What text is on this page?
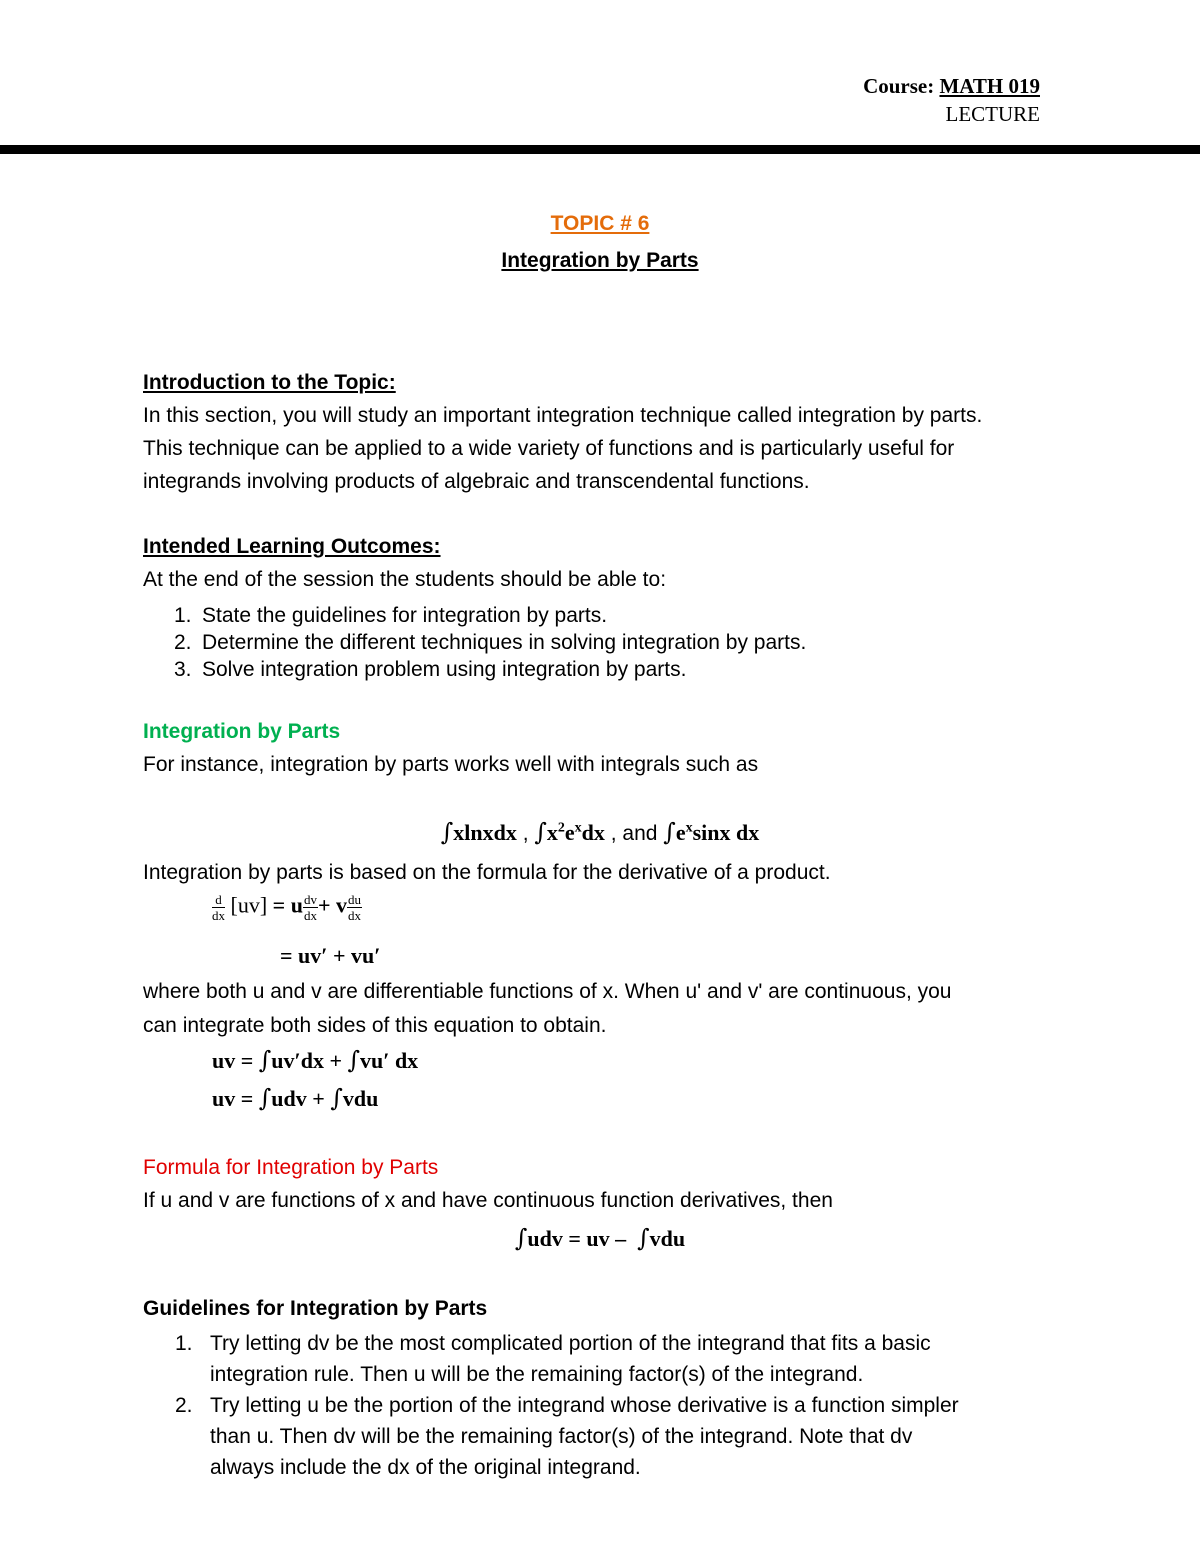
Course: MATH 019
LECTURE
TOPIC # 6
Integration by Parts
Introduction to the Topic:

In this section, you will study an important integration technique called integration by parts.

This technique can be applied to a wide variety of functions and is particularly useful for

integrands involving products of algebraic and transcendental functions.

Intended Learning Outcomes:

At the end of the session the students should be able to:

1. State the guidelines for integration by parts.
2. Determine the different techniques in solving integration by parts.
3. Solve integration problem using integration by parts.
Integration by Parts

For instance, integration by parts works well with integrals such as

∫xlnxdx , $\int x^2e^xdx$ , and $\int e^x\sin x$ dx

Integration by parts is based on the formula for the derivative of a product.

$\frac{d}{dx} [uv] = u \frac{dv}{dx} + v \frac{du}{dx}$
= uv′ + vu′

where both u and v are differentiable functions of x. When u' and v' are continuous, you

can integrate both sides of this equation to obtain.

uv = ∫uv′dx + ∫vu′ dx
uv = ∫udv + ∫vdu
Formula for Integration by Parts

If u and v are functions of x and have continuous function derivatives, then

∫udv = uv – ∫vdu
Guidelines for Integration by Parts
1. Try letting dv be the most complicated portion of the integrand that fits a basic
integration rule. Then u will be the remaining factor(s) of the integrand.
2. Try letting u be the portion of the integrand whose derivative is a function simpler
than u. Then dv will be the remaining factor(s) of the integrand. Note that dv
always include the dx of the original integrand.
